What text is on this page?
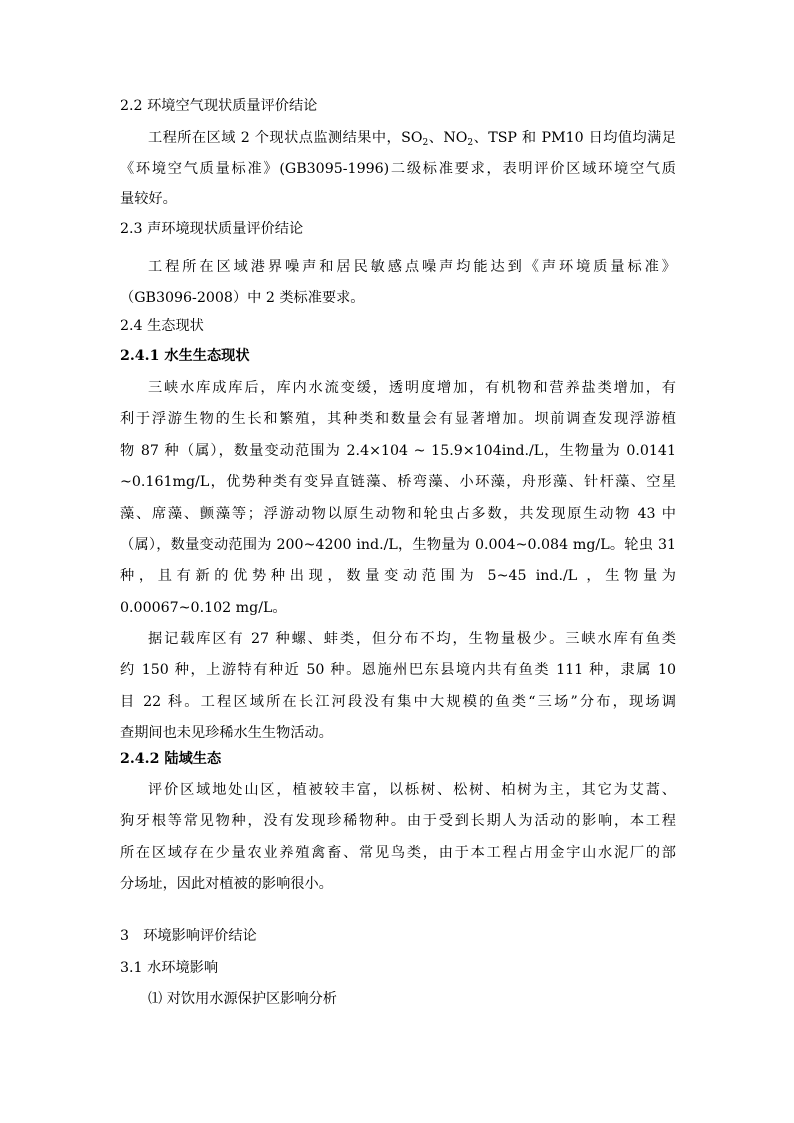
2.2 环境空气现状质量评价结论
工程所在区域 2 个现状点监测结果中，$SO_2$、$NO_2$、TSP 和 PM10 日均值均满足
《环境空气质量标准》(GB3095-1996)二级标准要求，表明评价区域环境空气质
量较好。
2.3 声环境现状质量评价结论
工程所在区域港界噪声和居民敏感点噪声均能达到《声环境质量标准》
（GB3096-2008）中 2 类标准要求。
2.4 生态现状
2.4.1 水生生态现状
三峡水库成库后，库内水流变缓，透明度增加，有机物和营养盐类增加，有
利于浮游生物的生长和繁殖，其种类和数量会有显著增加。坝前调查发现浮游植
物 87 种（属），数量变动范围为 2.4×104 ~ 15.9×104ind./L，生物量为 0.0141
~0.161mg/L，优势种类有变异直链藻、桥弯藻、小环藻，舟形藻、针杆藻、空星
藻、席藻、颤藻等；浮游动物以原生动物和轮虫占多数，共发现原生动物 43 中
（属），数量变动范围为 200~4200 ind./L，生物量为 0.004~0.084 mg/L。轮虫 31
种，且有新的优势种出现，数量变动范围为 5~45 ind./L ，生物量为
0.00067~0.102 mg/L。
据记载库区有 27 种螺、蚌类，但分布不均，生物量极少。三峡水库有鱼类
约 150 种，上游特有种近 50 种。恩施州巴东县境内共有鱼类 111 种，隶属 10
目 22 科。工程区域所在长江河段没有集中大规模的鱼类“三场”分布，现场调
查期间也未见珍稀水生生物活动。
2.4.2 陆域生态
评价区域地处山区，植被较丰富，以栎树、松树、柏树为主，其它为艾蒿、
狗牙根等常见物种，没有发现珍稀物种。由于受到长期人为活动的影响，本工程
所在区域存在少量农业养殖禽畜、常见鸟类，由于本工程占用金宇山水泥厂的部
分场址，因此对植被的影响很小。
3　环境影响评价结论
3.1 水环境影响
⑴ 对饮用水源保护区影响分析
